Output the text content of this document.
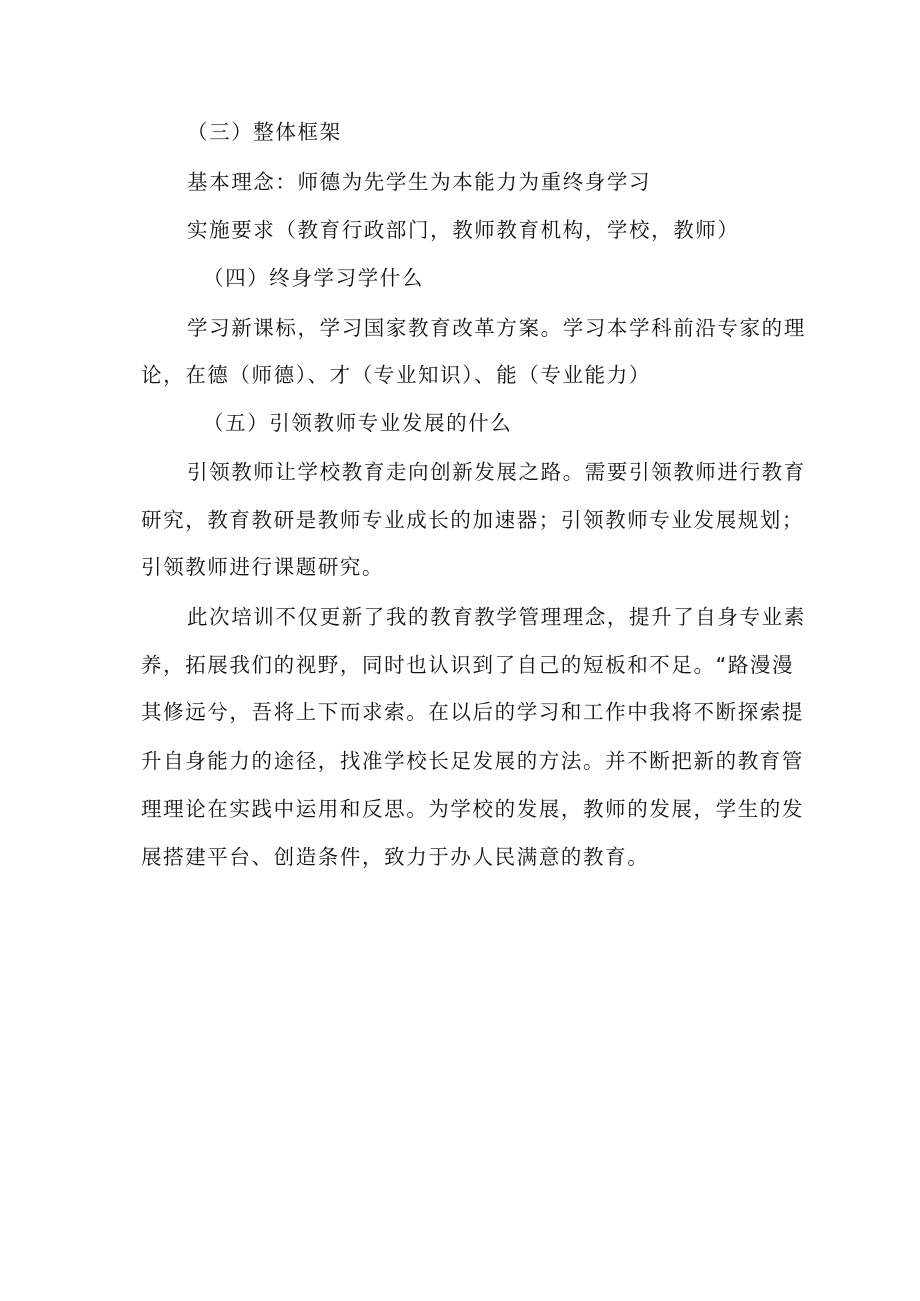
（三）整体框架

基本理念：师德为先学生为本能力为重终身学习

实施要求（教育行政部门，教师教育机构，学校，教师）

（四）终身学习学什么

学习新课标，学习国家教育改革方案。学习本学科前沿专家的理

论，在德（师德）、才（专业知识）、能（专业能力）

（五）引领教师专业发展的什么

引领教师让学校教育走向创新发展之路。需要引领教师进行教育

研究，教育教研是教师专业成长的加速器；引领教师专业发展规划；

引领教师进行课题研究。

此次培训不仅更新了我的教育教学管理理念，提升了自身专业素

养，拓展我们的视野，同时也认识到了自己的短板和不足。“路漫漫

其修远兮，吾将上下而求索。在以后的学习和工作中我将不断探索提

升自身能力的途径，找准学校长足发展的方法。并不断把新的教育管

理理论在实践中运用和反思。为学校的发展，教师的发展，学生的发

展搭建平台、创造条件，致力于办人民满意的教育。
